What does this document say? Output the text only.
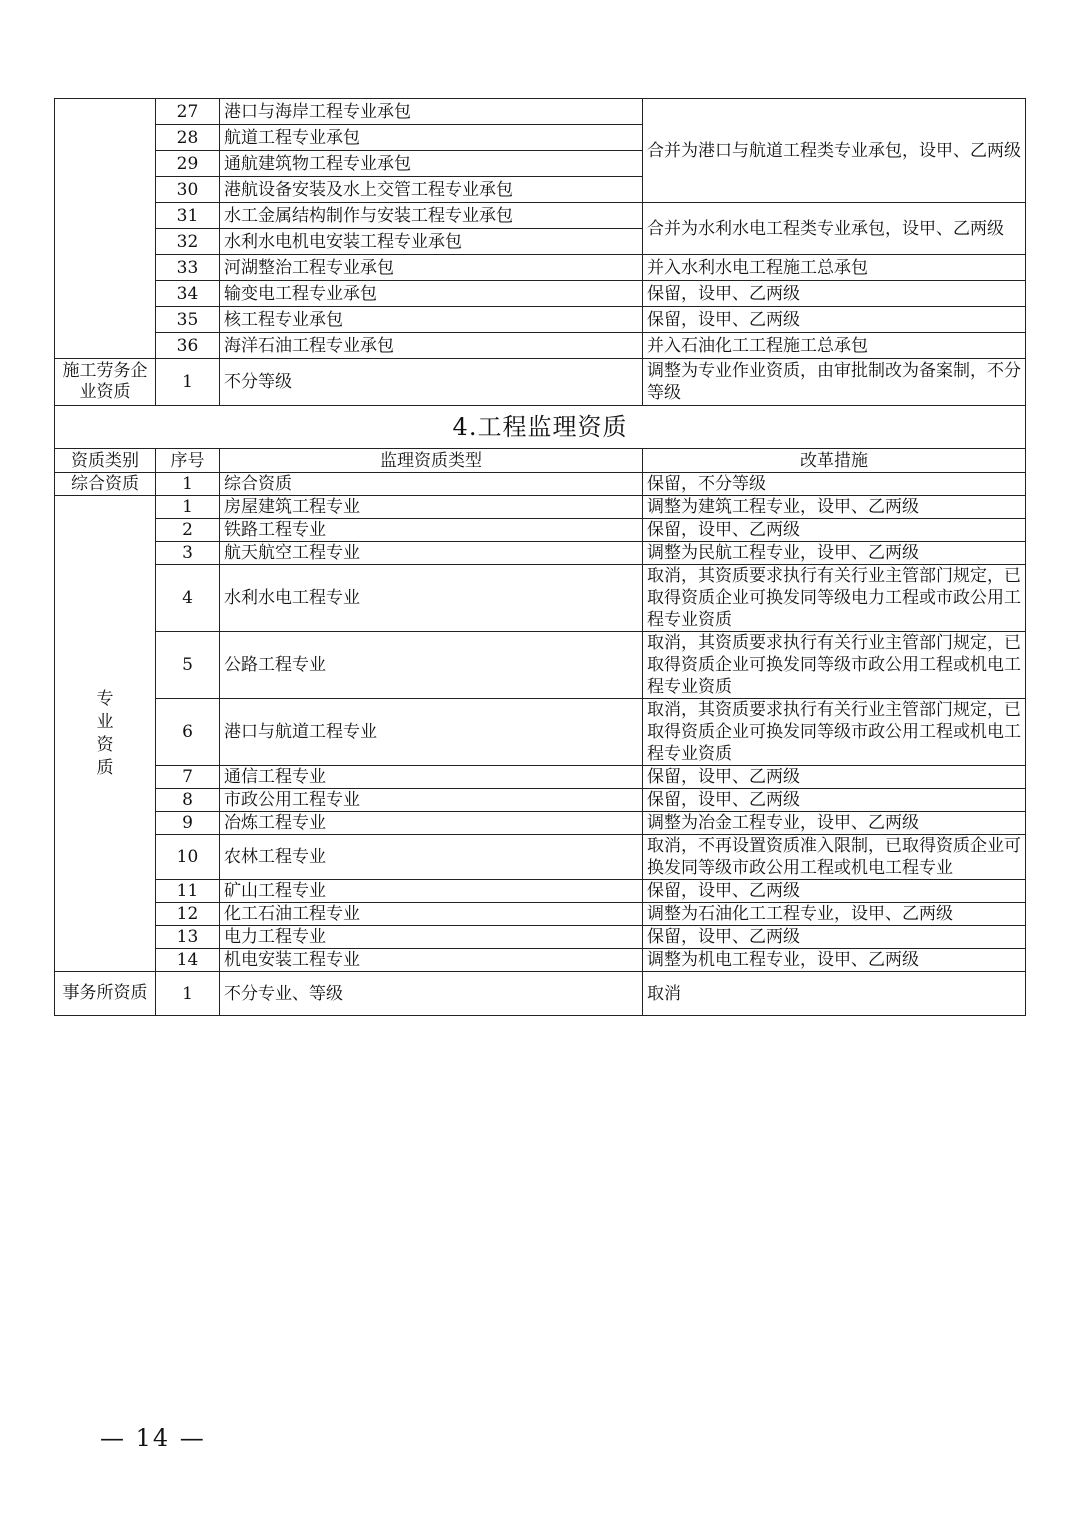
	27	港口与海岸工程专业承包	合并为港口与航道工程类专业承包，设甲、乙两级
	28	航道工程专业承包	
	29	通航建筑物工程专业承包	
	30	港航设备安装及水上交管工程专业承包	
	31	水工金属结构制作与安装工程专业承包	合并为水利水电工程类专业承包，设甲、乙两级
	32	水利水电机电安装工程专业承包	
	33	河湖整治工程专业承包	并入水利水电工程施工总承包
	34	输变电工程专业承包	保留，设甲、乙两级
	35	核工程专业承包	保留，设甲、乙两级
	36	海洋石油工程专业承包	并入石油化工工程施工总承包
施工劳务企业资质	1	不分等级	调整为专业作业资质，由审批制改为备案制，不分等级
4.工程监理资质			
资质类别	序号	监理资质类型	改革措施
综合资质	1	综合资质	保留，不分等级
专业资质	1	房屋建筑工程专业	调整为建筑工程专业，设甲、乙两级
	2	铁路工程专业	保留，设甲、乙两级
	3	航天航空工程专业	调整为民航工程专业，设甲、乙两级
	4	水利水电工程专业	取消，其资质要求执行有关行业主管部门规定，已取得资质企业可换发同等级电力工程或市政公用工程专业资质
	5	公路工程专业	取消，其资质要求执行有关行业主管部门规定，已取得资质企业可换发同等级市政公用工程或机电工程专业资质
	6	港口与航道工程专业	取消，其资质要求执行有关行业主管部门规定，已取得资质企业可换发同等级市政公用工程或机电工程专业资质
	7	通信工程专业	保留，设甲、乙两级
	8	市政公用工程专业	保留，设甲、乙两级
	9	冶炼工程专业	调整为冶金工程专业，设甲、乙两级
	10	农林工程专业	取消，不再设置资质准入限制，已取得资质企业可换发同等级市政公用工程或机电工程专业
	11	矿山工程专业	保留，设甲、乙两级
	12	化工石油工程专业	调整为石油化工工程专业，设甲、乙两级
	13	电力工程专业	保留，设甲、乙两级
	14	机电安装工程专业	调整为机电工程专业，设甲、乙两级
事务所资质	1	不分专业、等级	取消
— 14 —
